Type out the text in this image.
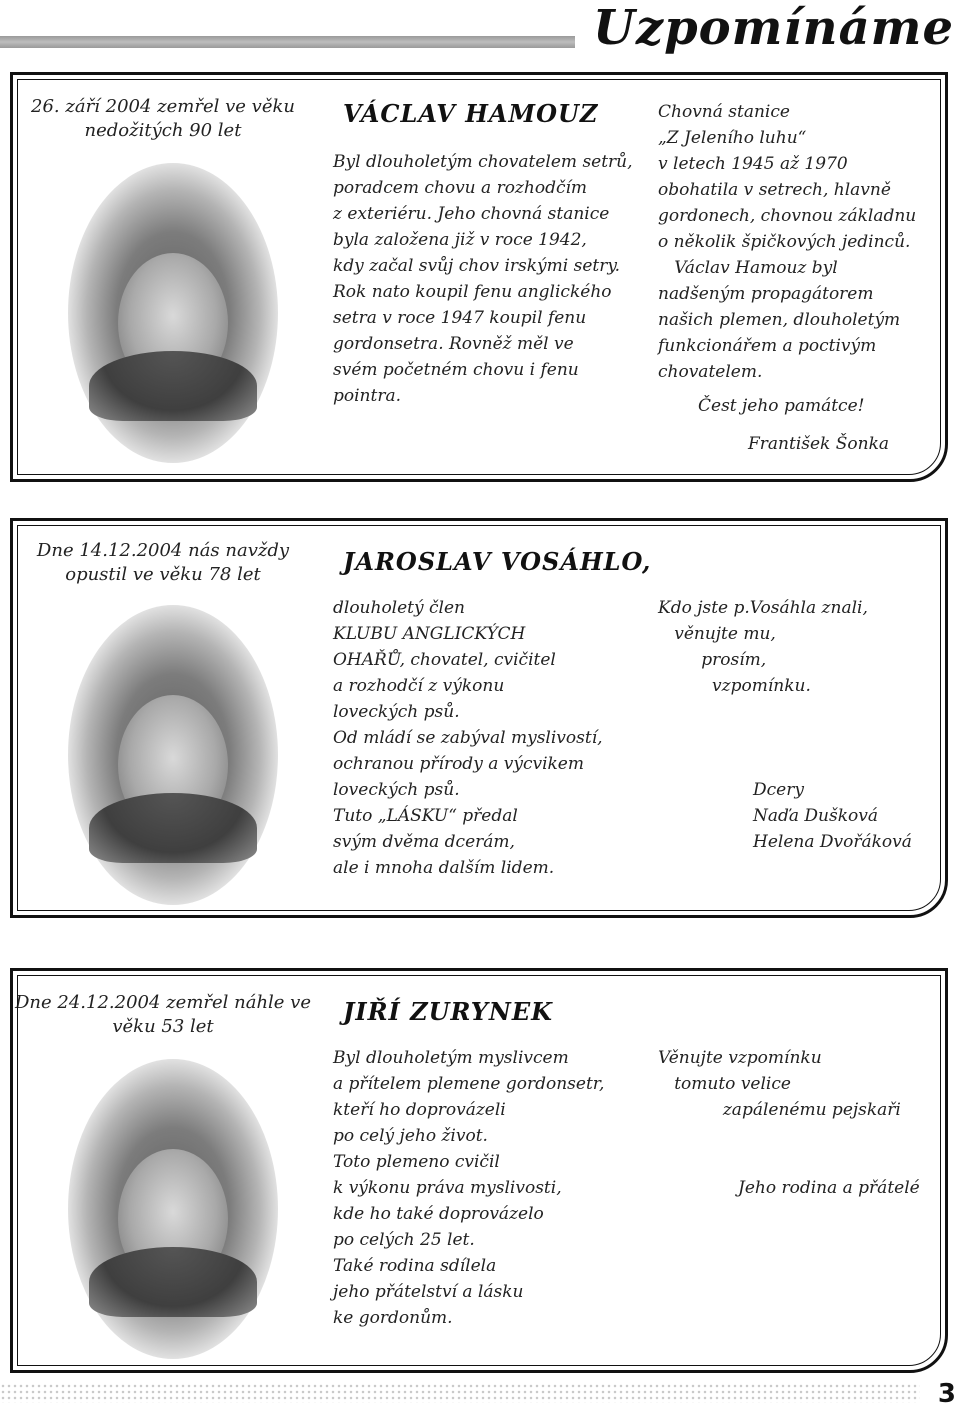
Uzpomínáme
26. září 2004 zemřel ve věku nedožitých 90 let
VÁCLAV HAMOUZ
Byl dlouholetým chovatelem setrů,
poradcem chovu a rozhodčím
z exteriéru. Jeho chovná stanice
byla založena již v roce 1942,
kdy začal svůj chov irskými setry.
Rok nato koupil fenu anglického
setra v roce 1947 koupil fenu
gordonsetra. Rovněž měl ve
svém početném chovu i fenu
pointra.
Chovná stanice
„Z Jeleního luhu“
v letech 1945 až 1970
obohatila v setrech, hlavně
gordonech, chovnou základnu
o několik špičkových jedinců.
Václav Hamouz byl
nadšeným propagátorem
našich plemen, dlouholetým
funkcionářem a poctivým
chovatelem.
Čest jeho památce!
František Šonka
Dne 14.12.2004 nás navždy opustil ve věku 78 let	JAROSLAV VOSÁHLO,
dlouholetý člen
KLUBU ANGLICKÝCH
OHAŘŮ, chovatel, cvičitel
a rozhodčí z výkonu
loveckých psů.
Od mládí se zabýval myslivostí,
ochranou přírody a výcvikem
loveckých psů.
Tuto „LÁSKU“ předal
svým dvěma dcerám,
ale i mnoha dalším lidem.
Kdo jste p.Vosáhla znali,
věnujte mu,
prosím,
vzpomínku.
Dcery
Naďa Dušková
Helena Dvořáková
Dne 24.12.2004 zemřel náhle ve věku 53 let
JIŘÍ ZURYNEK
Byl dlouholetým myslivcem
a přítelem plemene gordonsetr,
kteří ho doprovázeli
po celý jeho život.
Toto plemeno cvičil
k výkonu práva myslivosti,
kde ho také doprovázelo
po celých 25 let.
Také rodina sdílela
jeho přátelství a lásku
ke gordonům.
Věnujte vzpomínku
tomuto velice
zapálenému pejskaři
Jeho rodina a přátelé
3
